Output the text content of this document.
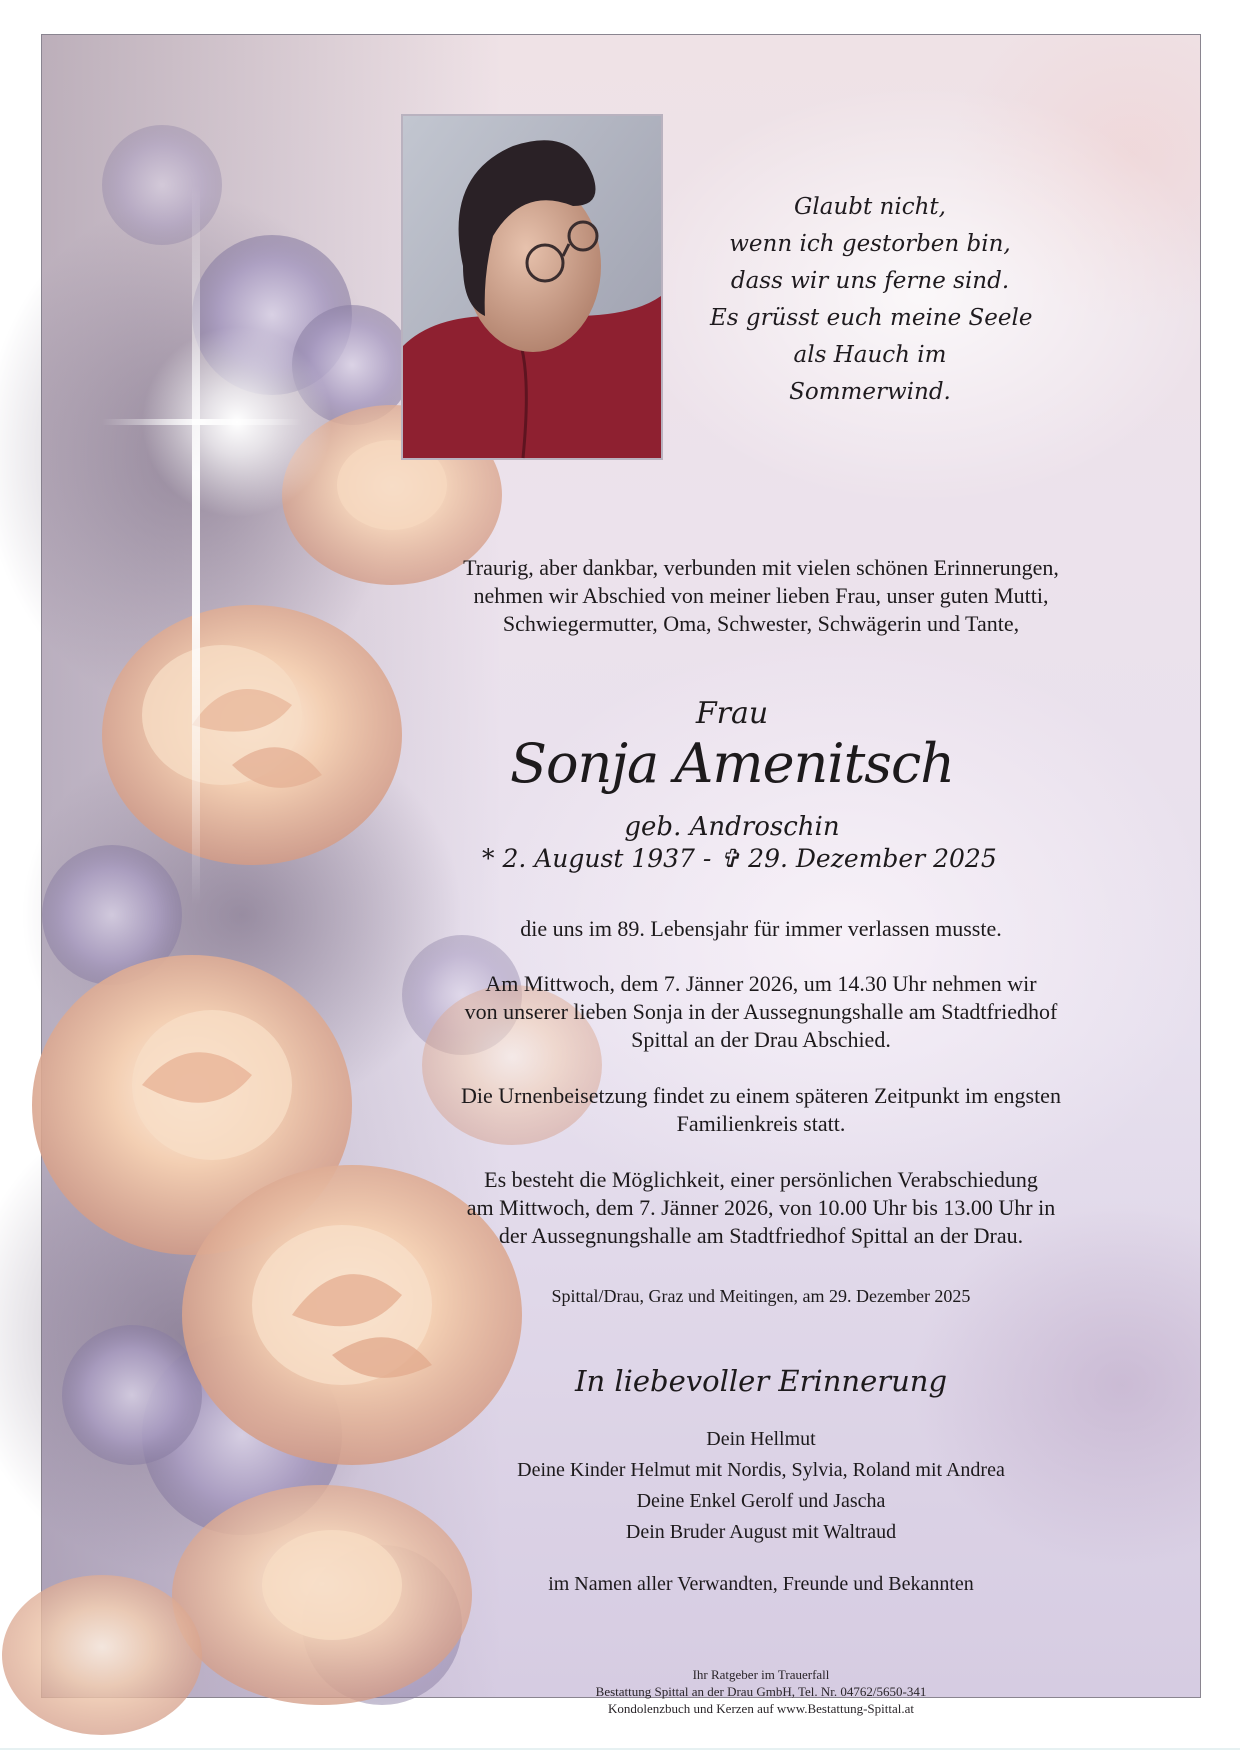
Glaubt nicht,
wenn ich gestorben bin,
dass wir uns ferne sind.
Es grüsst euch meine Seele
als Hauch im
Sommerwind.
Traurig, aber dankbar, verbunden mit vielen schönen Erinnerungen,
nehmen wir Abschied von meiner lieben Frau, unser guten Mutti,
Schwiegermutter, Oma, Schwester, Schwägerin und Tante,
Frau
Sonja Amenitsch
geb. Androschin
* 2. August 1937 - ✞ 29. Dezember 2025
die uns im 89. Lebensjahr für immer verlassen musste.
Am Mittwoch, dem 7. Jänner 2026, um 14.30 Uhr nehmen wir
von unserer lieben Sonja in der Aussegnungshalle am Stadtfriedhof
Spittal an der Drau Abschied.
Die Urnenbeisetzung findet zu einem späteren Zeitpunkt im engsten
Familienkreis statt.
Es besteht die Möglichkeit, einer persönlichen Verabschiedung
am Mittwoch, dem 7. Jänner 2026, von 10.00 Uhr bis 13.00 Uhr in
der Aussegnungshalle am Stadtfriedhof Spittal an der Drau.
Spittal/Drau, Graz und Meitingen, am 29. Dezember 2025
In liebevoller Erinnerung
Dein Hellmut
Deine Kinder Helmut mit Nordis, Sylvia, Roland mit Andrea
Deine Enkel Gerolf und Jascha
Dein Bruder August mit Waltraud
im Namen aller Verwandten, Freunde und Bekannten
Ihr Ratgeber im Trauerfall
Bestattung Spittal an der Drau GmbH, Tel. Nr. 04762/5650-341
Kondolenzbuch und Kerzen auf www.Bestattung-Spittal.at
